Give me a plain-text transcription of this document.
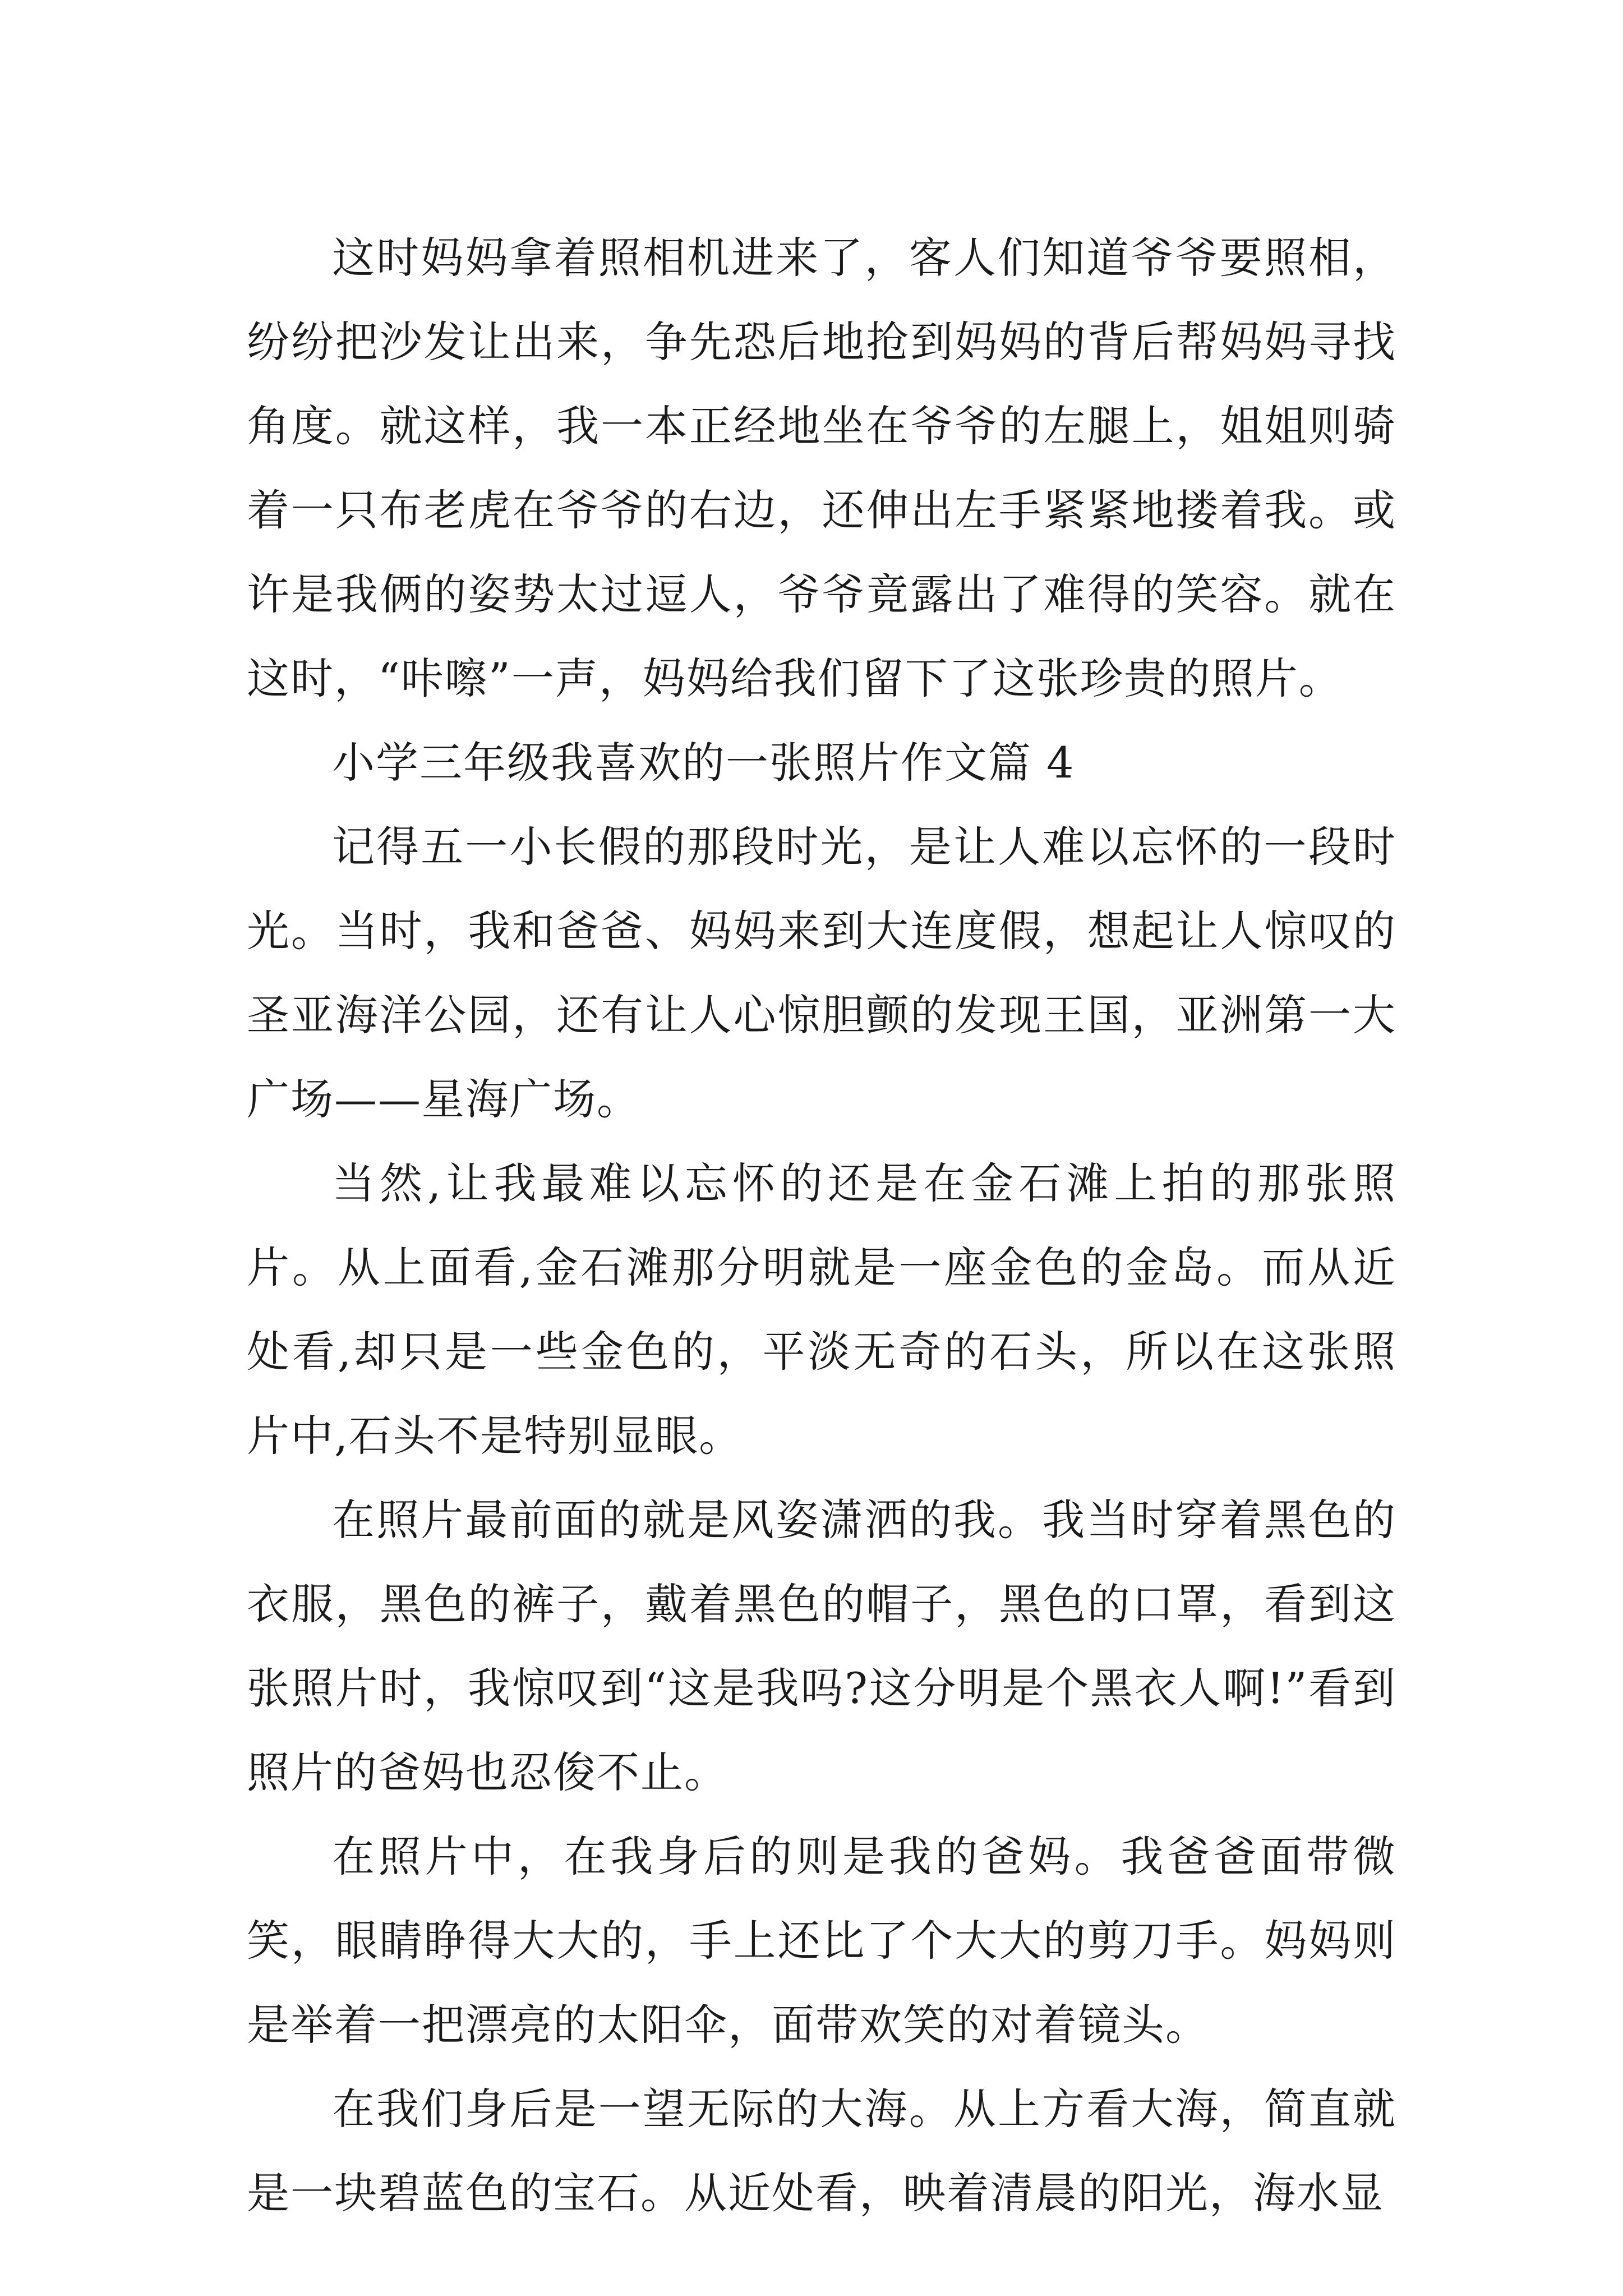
这时妈妈拿着照相机进来了，客人们知道爷爷要照相，纷纷把沙发让出来，争先恐后地抢到妈妈的背后帮妈妈寻找角度。就这样，我一本正经地坐在爷爷的左腿上，姐姐则骑着一只布老虎在爷爷的右边，还伸出左手紧紧地搂着我。或许是我俩的姿势太过逗人，爷爷竟露出了难得的笑容。就在这时，“咔嚓”一声，妈妈给我们留下了这张珍贵的照片。

小学三年级我喜欢的一张照片作文篇 4

记得五一小长假的那段时光，是让人难以忘怀的一段时光。当时，我和爸爸、妈妈来到大连度假，想起让人惊叹的圣亚海洋公园，还有让人心惊胆颤的发现王国，亚洲第一大广场——星海广场。

当然,让我最难以忘怀的还是在金石滩上拍的那张照片。从上面看,金石滩那分明就是一座金色的金岛。而从近处看,却只是一些金色的，平淡无奇的石头，所以在这张照片中,石头不是特别显眼。

在照片最前面的就是风姿潇洒的我。我当时穿着黑色的衣服，黑色的裤子，戴着黑色的帽子，黑色的口罩，看到这张照片时，我惊叹到“这是我吗?这分明是个黑衣人啊!”看到照片的爸妈也忍俊不止。

在照片中，在我身后的则是我的爸妈。我爸爸面带微笑，眼睛睁得大大的，手上还比了个大大的剪刀手。妈妈则是举着一把漂亮的太阳伞，面带欢笑的对着镜头。

在我们身后是一望无际的大海。从上方看大海，简直就是一块碧蓝色的宝石。从近处看，映着清晨的阳光，海水显
